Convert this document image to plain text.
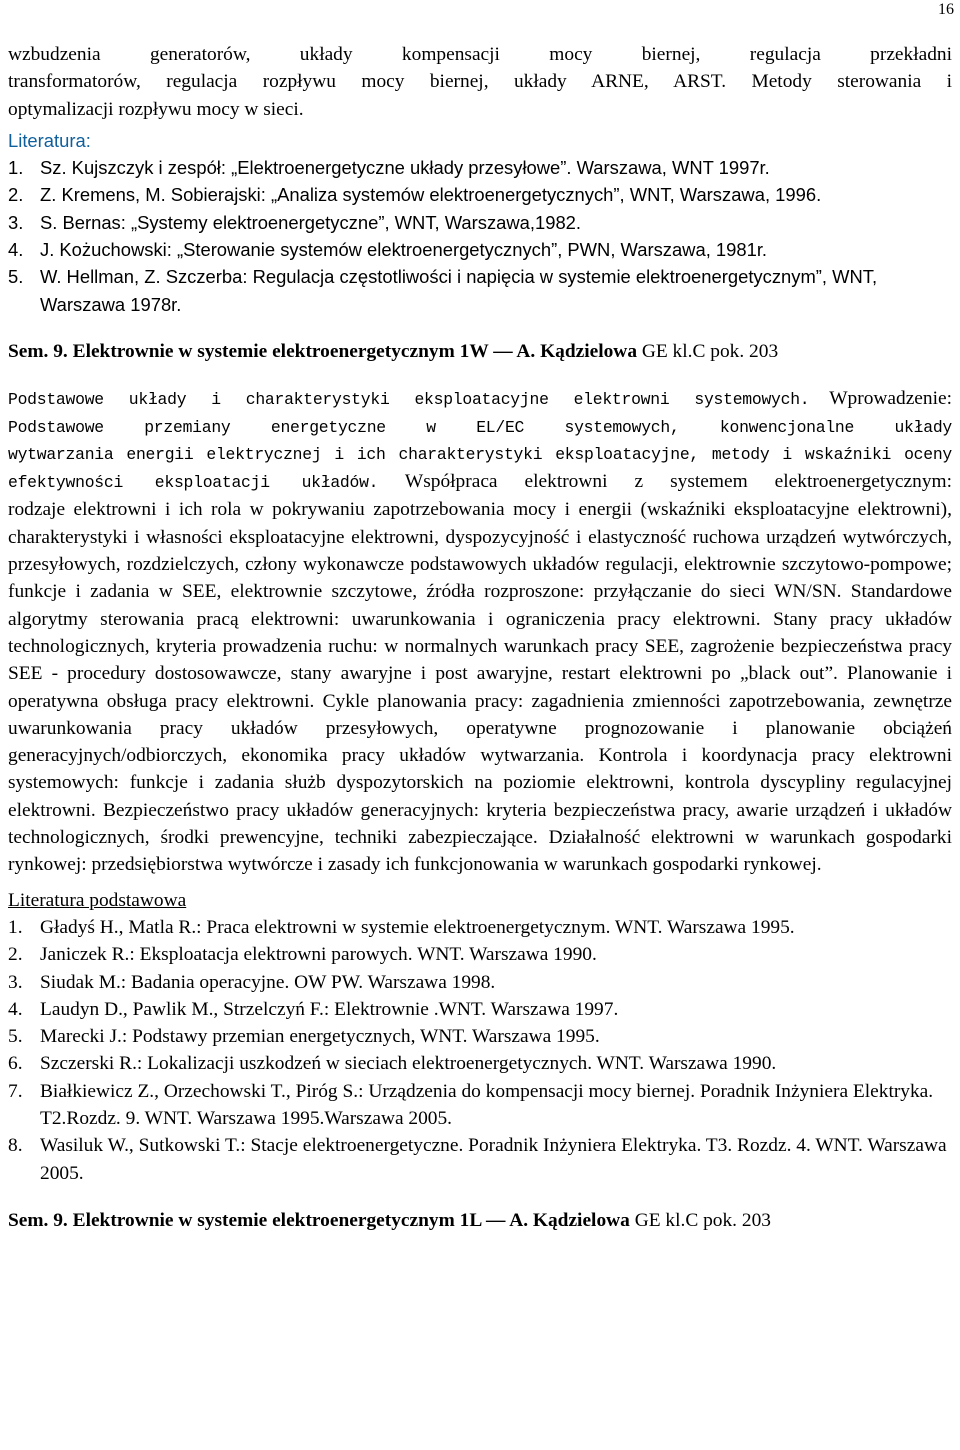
16

wzbudzenia generatorów, układy kompensacji mocy biernej, regulacja przekładni
transformatorów, regulacja rozpływu mocy biernej, układy ARNE, ARST. Metody sterowania i
optymalizacji rozpływu mocy w sieci.

Literatura:
1. Sz. Kujszczyk i zespół: „Elektroenergetyczne układy przesyłowe”. Warszawa, WNT 1997r.
2. Z. Kremens, M. Sobierajski: „Analiza systemów elektroenergetycznych”, WNT, Warszawa, 1996.
3. S. Bernas: „Systemy elektroenergetyczne”, WNT, Warszawa,1982.
4. J. Kożuchowski: „Sterowanie systemów elektroenergetycznych”, PWN, Warszawa, 1981r.
5. W. Hellman, Z. Szczerba: Regulacja częstotliwości i napięcia w systemie elektroenergetycznym”, WNT, Warszawa 1978r.

Sem. 9. Elektrownie w systemie elektroenergetycznym 1W — A. Kądzielowa GE kl.C pok. 203

Podstawowe układy i charakterystyki eksploatacyjne elektrowni systemowych. Wprowadzenie:
Podstawowe przemiany energetyczne w EL/EC systemowych, konwencjonalne układy
wytwarzania energii elektrycznej i ich charakterystyki eksploatacyjne, metody i wskaźniki oceny
efektywności eksploatacji układów. Współpraca elektrowni z systemem elektroenergetycznym:

rodzaje elektrowni i ich rola w pokrywaniu zapotrzebowania mocy i energii (wskaźniki eksploatacyjne elektrowni), charakterystyki i własności eksploatacyjne elektrowni, dyspozycyjność i elastyczność ruchowa urządzeń wytwórczych, przesyłowych, rozdzielczych, człony wykonawcze podstawowych układów regulacji, elektrownie szczytowo-pompowe; funkcje i zadania w SEE, elektrownie szczytowe, źródła rozproszone: przyłączanie do sieci WN/SN. Standardowe algorytmy sterowania pracą elektrowni: uwarunkowania i ograniczenia pracy elektrowni. Stany pracy układów technologicznych, kryteria prowadzenia ruchu: w normalnych warunkach pracy SEE, zagrożenie bezpieczeństwa pracy SEE - procedury dostosowawcze, stany awaryjne i post awaryjne, restart elektrowni po „black out”. Planowanie i operatywna obsługa pracy elektrowni. Cykle planowania pracy: zagadnienia zmienności zapotrzebowania, zewnętrze uwarunkowania pracy układów przesyłowych, operatywne prognozowanie i planowanie obciążeń generacyjnych/odbiorczych, ekonomika pracy układów wytwarzania. Kontrola i koordynacja pracy elektrowni systemowych: funkcje i zadania służb dyspozytorskich na poziomie elektrowni, kontrola dyscypliny regulacyjnej elektrowni. Bezpieczeństwo pracy układów generacyjnych: kryteria bezpieczeństwa pracy, awarie urządzeń i układów technologicznych, środki prewencyjne, techniki zabezpieczające. Działalność elektrowni w warunkach gospodarki rynkowej: przedsiębiorstwa wytwórcze i zasady ich funkcjonowania w warunkach gospodarki rynkowej.

Literatura podstawowa
1. Gładyś H., Matla R.: Praca elektrowni w systemie elektroenergetycznym. WNT. Warszawa 1995.
2. Janiczek R.: Eksploatacja elektrowni parowych. WNT. Warszawa 1990.
3. Siudak M.: Badania operacyjne. OW PW. Warszawa 1998.
4. Laudyn D., Pawlik M., Strzelczyń F.: Elektrownie .WNT. Warszawa 1997.
5. Marecki J.: Podstawy przemian energetycznych, WNT. Warszawa 1995.
6. Szczerski R.: Lokalizacji uszkodzeń w sieciach elektroenergetycznych. WNT. Warszawa 1990.
7. Białkiewicz Z., Orzechowski T., Piróg S.: Urządzenia do kompensacji mocy biernej. Poradnik Inżyniera Elektryka. T2.Rozdz. 9. WNT. Warszawa 1995.Warszawa 2005.
8. Wasiluk W., Sutkowski T.: Stacje elektroenergetyczne. Poradnik Inżyniera Elektryka. T3. Rozdz. 4. WNT. Warszawa 2005.

Sem. 9. Elektrownie w systemie elektroenergetycznym 1L — A. Kądzielowa GE kl.C pok. 203
